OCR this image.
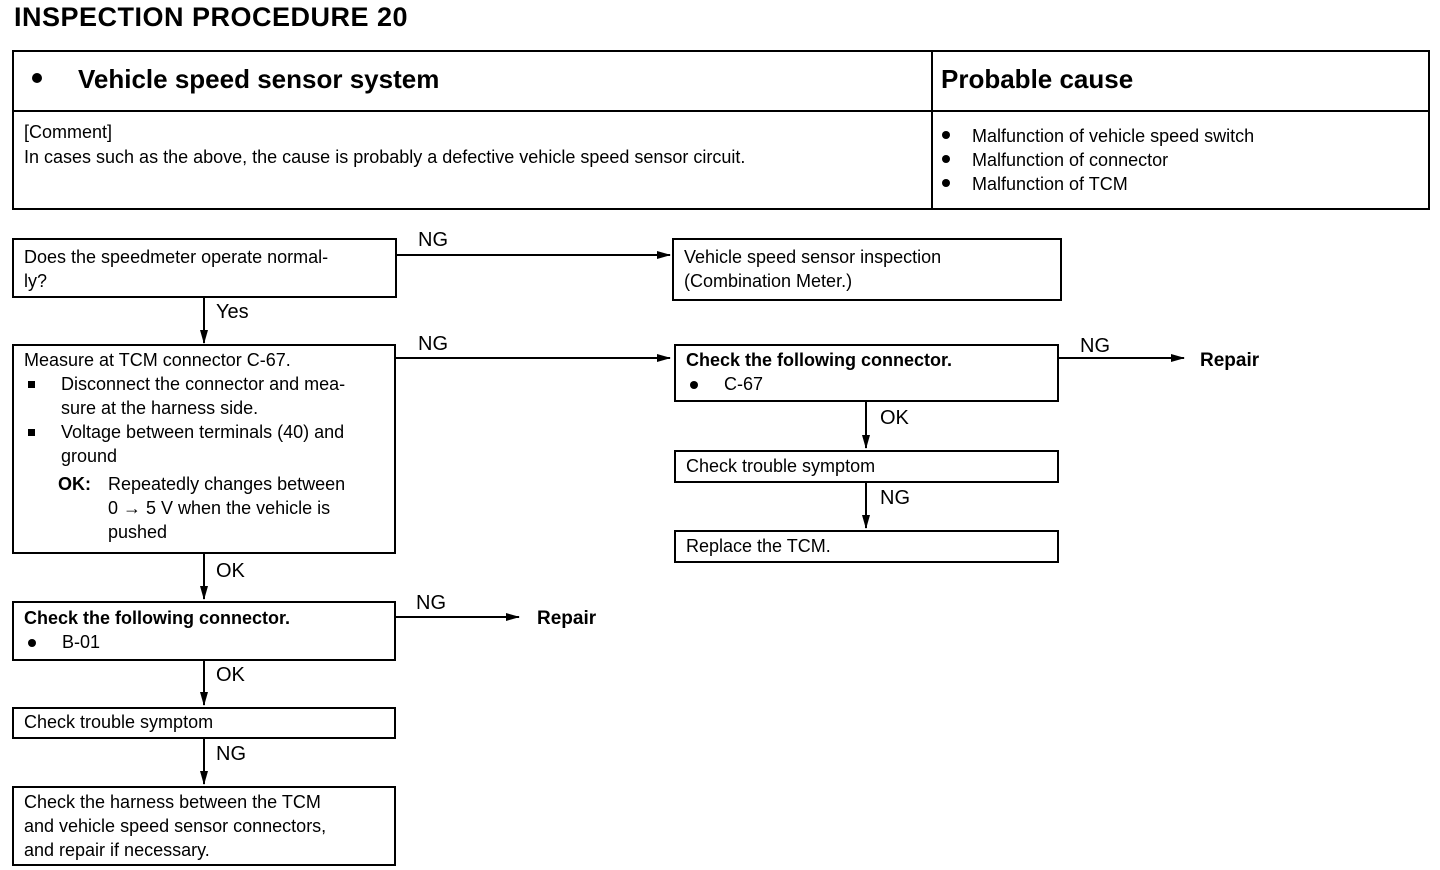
INSPECTION PROCEDURE 20
Vehicle speed sensor system	Probable cause
[Comment]
In cases such as the above, the cause is probably a defective vehicle speed sensor circuit.
Malfunction of vehicle speed switch
Malfunction of connector
Malfunction of TCM
Does the speedmeter operate normal-
ly?
Vehicle speed sensor inspection
(Combination Meter.)
Measure at TCM connector C-67.
Disconnect the connector and mea-
sure at the harness side.
Voltage between terminals (40) and
ground
OK: Repeatedly changes between
0 → 5 V when the vehicle is
pushed
Check the following connector.
C-67
Check trouble symptom
Replace the TCM.
Check the following connector.
B-01
Check trouble symptom
Check the harness between the TCM
and vehicle speed sensor connectors,
and repair if necessary.
NG
Yes
NG	NG
OK
NG
OK
NG
OK
NG
Repair
Repair
